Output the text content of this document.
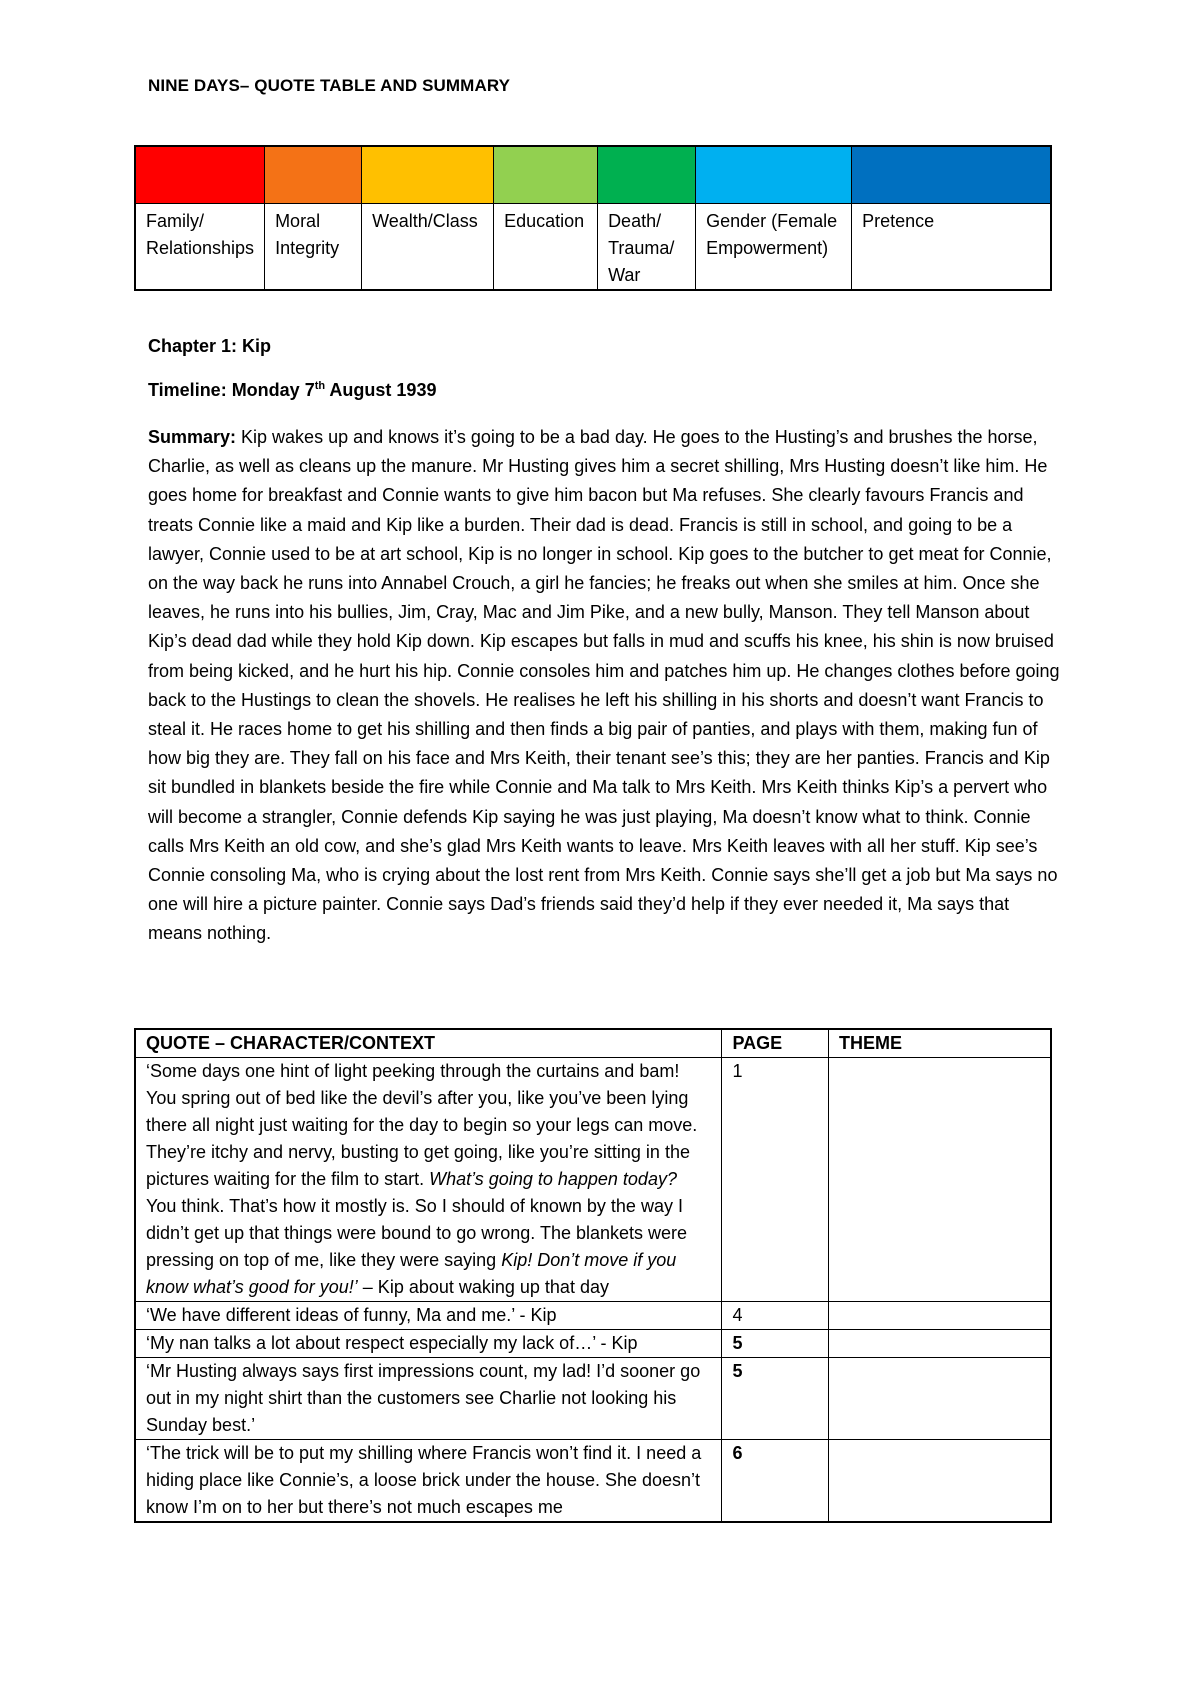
NINE DAYS– QUOTE TABLE AND SUMMARY

Family/ Relationships	Moral Integrity	Wealth/Class	Education	Death/ Trauma/ War	Gender (Female Empowerment)	Pretence
Chapter 1: Kip
Timeline: Monday 7th August 1939
Summary: Kip wakes up and knows it’s going to be a bad day. He goes to the Husting’s and brushes the horse, Charlie, as well as cleans up the manure. Mr Husting gives him a secret shilling, Mrs Husting doesn’t like him. He goes home for breakfast and Connie wants to give him bacon but Ma refuses. She clearly favours Francis and treats Connie like a maid and Kip like a burden. Their dad is dead. Francis is still in school, and going to be a lawyer, Connie used to be at art school, Kip is no longer in school. Kip goes to the butcher to get meat for Connie, on the way back he runs into Annabel Crouch, a girl he fancies; he freaks out when she smiles at him. Once she leaves, he runs into his bullies, Jim, Cray, Mac and Jim Pike, and a new bully, Manson. They tell Manson about Kip’s dead dad while they hold Kip down. Kip escapes but falls in mud and scuffs his knee, his shin is now bruised from being kicked, and he hurt his hip. Connie consoles him and patches him up. He changes clothes before going back to the Hustings to clean the shovels. He realises he left his shilling in his shorts and doesn’t want Francis to steal it. He races home to get his shilling and then finds a big pair of panties, and plays with them, making fun of how big they are. They fall on his face and Mrs Keith, their tenant see’s this; they are her panties. Francis and Kip sit bundled in blankets beside the fire while Connie and Ma talk to Mrs Keith. Mrs Keith thinks Kip’s a pervert who will become a strangler, Connie defends Kip saying he was just playing, Ma doesn’t know what to think. Connie calls Mrs Keith an old cow, and she’s glad Mrs Keith wants to leave. Mrs Keith leaves with all her stuff. Kip see’s Connie consoling Ma, who is crying about the lost rent from Mrs Keith. Connie says she’ll get a job but Ma says no one will hire a picture painter. Connie says Dad’s friends said they’d help if they ever needed it, Ma says that means nothing.
QUOTE – CHARACTER/CONTEXT	PAGE	THEME
‘Some days one hint of light peeking through the curtains and bam! You spring out of bed like the devil’s after you, like you’ve been lying there all night just waiting for the day to begin so your legs can move. They’re itchy and nervy, busting to get going, like you’re sitting in the pictures waiting for the film to start. What’s going to happen today? You think. That’s how it mostly is. So I should of known by the way I didn’t get up that things were bound to go wrong. The blankets were pressing on top of me, like they were saying Kip! Don’t move if you know what’s good for you!’ – Kip about waking up that day	1	
‘We have different ideas of funny, Ma and me.’ - Kip	4	
‘My nan talks a lot about respect especially my lack of…’ - Kip	5	
‘Mr Husting always says first impressions count, my lad! I’d sooner go out in my night shirt than the customers see Charlie not looking his Sunday best.’	5	
‘The trick will be to put my shilling where Francis won’t find it. I need a hiding place like Connie’s, a loose brick under the house. She doesn’t know I’m on to her but there’s not much escapes me	6	
